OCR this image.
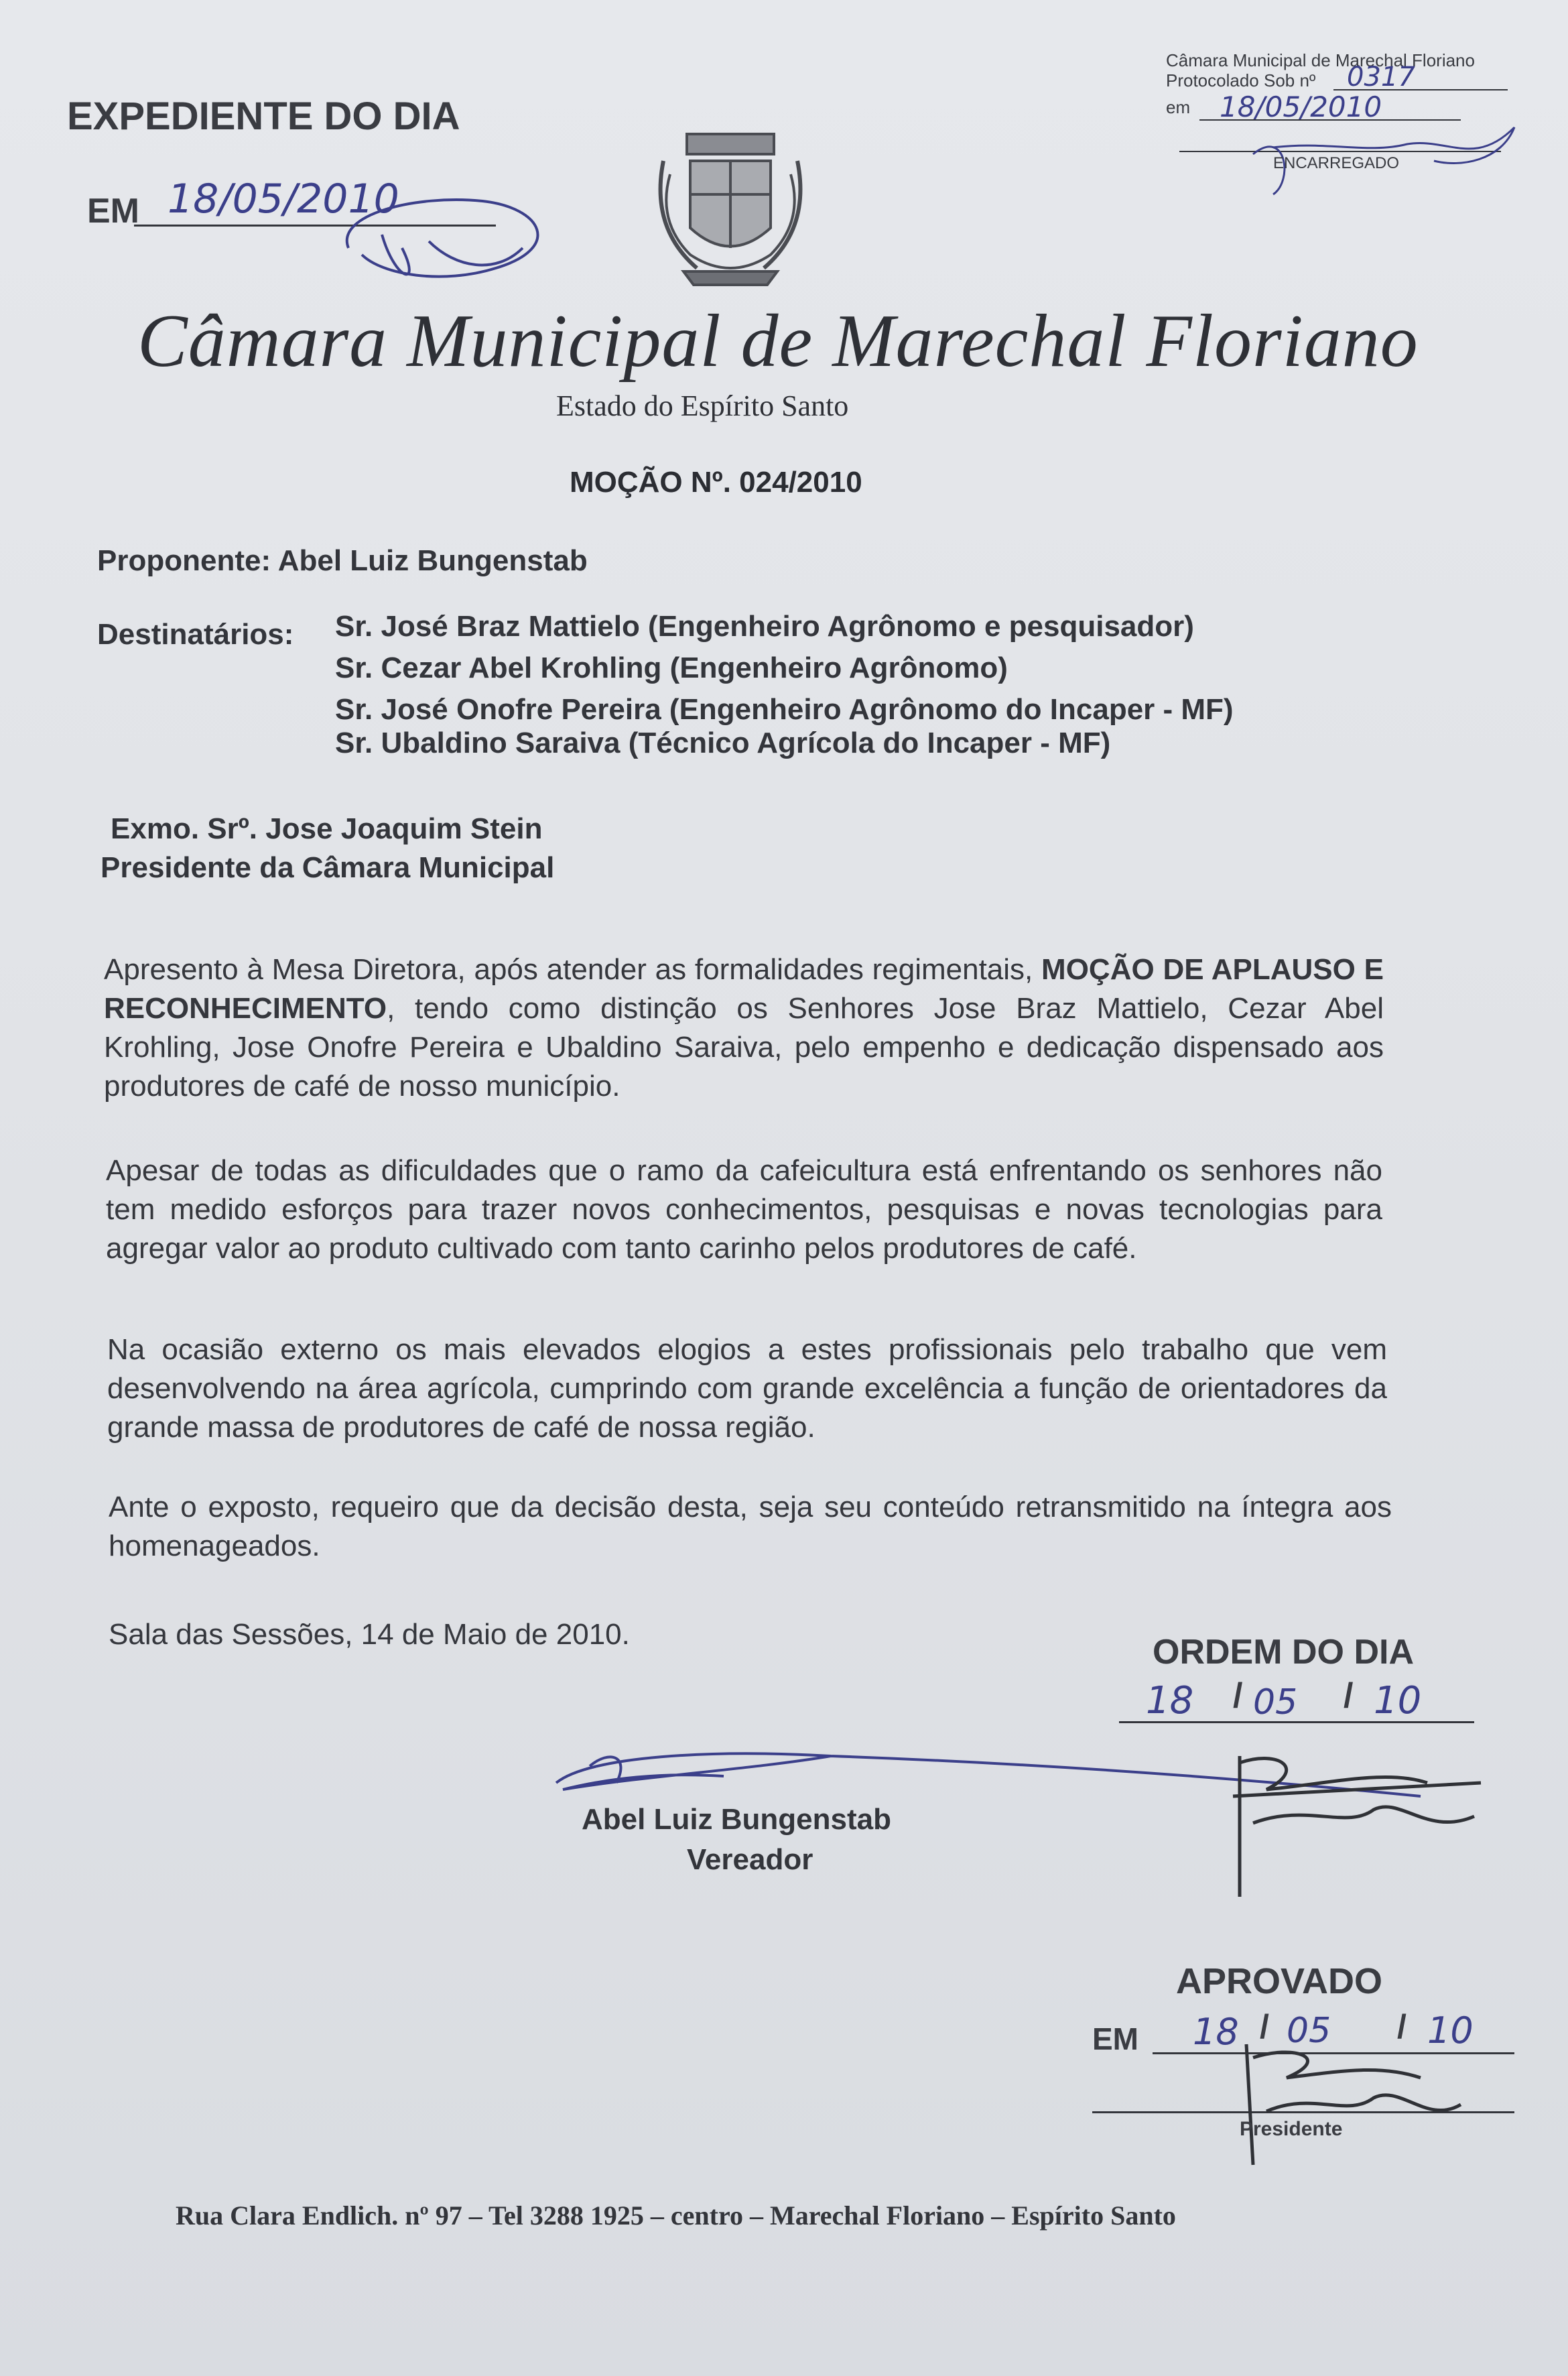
EXPEDIENTE DO DIA
EM 18/05/2010
Câmara Municipal de Marechal Floriano
Protocolado Sob nº 0317
em 18/05/2010
ENCARREGADO
Câmara Municipal de Marechal Floriano
Estado do Espírito Santo
MOÇÃO Nº. 024/2010
Proponente: Abel Luiz Bungenstab
Destinatários: Sr. José Braz Mattielo (Engenheiro Agrônomo e pesquisador)
Sr. Cezar Abel Krohling (Engenheiro Agrônomo)
Sr. José Onofre Pereira (Engenheiro Agrônomo do Incaper - MF)
Sr. Ubaldino Saraiva (Técnico Agrícola do Incaper - MF)
Exmo. Srº. Jose Joaquim Stein
Presidente da Câmara Municipal
Apresento à Mesa Diretora, após atender as formalidades regimentais, MOÇÃO DE APLAUSO E RECONHECIMENTO, tendo como distinção os Senhores Jose Braz Mattielo, Cezar Abel Krohling, Jose Onofre Pereira e Ubaldino Saraiva, pelo empenho e dedicação dispensado aos produtores de café de nosso município.
Apesar de todas as dificuldades que o ramo da cafeicultura está enfrentando os senhores não tem medido esforços para trazer novos conhecimentos, pesquisas e novas tecnologias para agregar valor ao produto cultivado com tanto carinho pelos produtores de café.
Na ocasião externo os mais elevados elogios a estes profissionais pelo trabalho que vem desenvolvendo na área agrícola, cumprindo com grande excelência a função de orientadores da grande massa de produtores de café de nossa região.
Ante o exposto, requeiro que da decisão desta, seja seu conteúdo retransmitido na íntegra aos homenageados.
Sala das Sessões, 14 de Maio de 2010.	ORDEM DO DIA
18 05 10
/	/
Abel Luiz Bungenstab
Vereador
APROVADO
EM 18 05	10
/	/
Presidente
Rua Clara Endlich. nº 97 – Tel 3288 1925 – centro – Marechal Floriano – Espírito Santo
